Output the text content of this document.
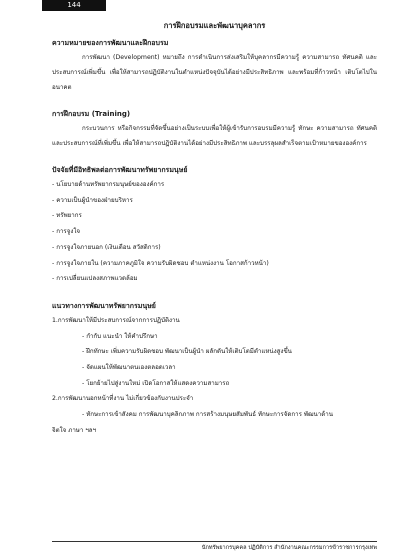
144

การฝึกอบรมและพัฒนาบุคลากร

ความหมายของการพัฒนาและฝึกอบรม

การพัฒนา (Development) หมายถึง การดำเนินการส่งเสริมให้บุคลากรมีความรู้ ความสามารถ ทัศนคติ และประสบการณ์เพิ่มขึ้น เพื่อให้สามารถปฏิบัติงานในตำแหน่งปัจจุบันได้อย่างมีประสิทธิภาพ และพร้อมที่ก้าวหน้า เติบโตไปในอนาคต

การฝึกอบรม (Training)

กระบวนการ หรือกิจกรรมที่จัดขึ้นอย่างเป็นระบบเพื่อให้ผู้เข้ารับการอบรมมีความรู้ ทักษะ ความสามารถ ทัศนคติ และประสบการณ์ที่เพิ่มขึ้น เพื่อให้สามารถปฏิบัติงานได้อย่างมีประสิทธิภาพ และบรรลุผลสำเร็จตามเป้าหมายขององค์การ

ปัจจัยที่มีอิทธิพลต่อการพัฒนาทรัพยากรมนุษย์

- นโยบายด้านทรัพยากรมนุษย์ขององค์การ

- ความเป็นผู้นำของฝ่ายบริหาร

- ทรัพยากร

- การจูงใจ

- การจูงใจภายนอก (เงินเดือน สวัสดิการ)

- การจูงใจภายใน (ความภาคภูมิใจ ความรับผิดชอบ ตำแหน่งงาน โอกาสก้าวหน้า)

- การเปลี่ยนแปลงสภาพแวดล้อม

แนวทางการพัฒนาทรัพยากรมนุษย์

1.การพัฒนาให้มีประสบการณ์จากการปฏิบัติงาน

- กำกับ แนะนำ ให้คำปรึกษา

- ฝึกทักษะ เพิ่มความรับผิดชอบ พัฒนาเป็นผู้นำ ผลักดันให้เติบโตมีตำแหน่งสูงขึ้น

- จัดแผนให้พัฒนาตนเองตลอดเวลา

- โยกย้ายไปสู่งานใหม่ เปิดโอกาสให้แสดงความสามารถ

2.การพัฒนานอกหน้าที่งาน ไม่เกี่ยวข้องกับงานประจำ

- ทักษะการเข้าสังคม การพัฒนาบุคลิกภาพ การสร้างมนุษยสัมพันธ์ ทักษะการจัดการ พัฒนาด้าน

จิตใจ ภาษา ฯลฯ

นักทรัพยากรบุคคล ปฏิบัติการ สำนักงานคณะกรรมการข้าราชการกรุงเทพ
